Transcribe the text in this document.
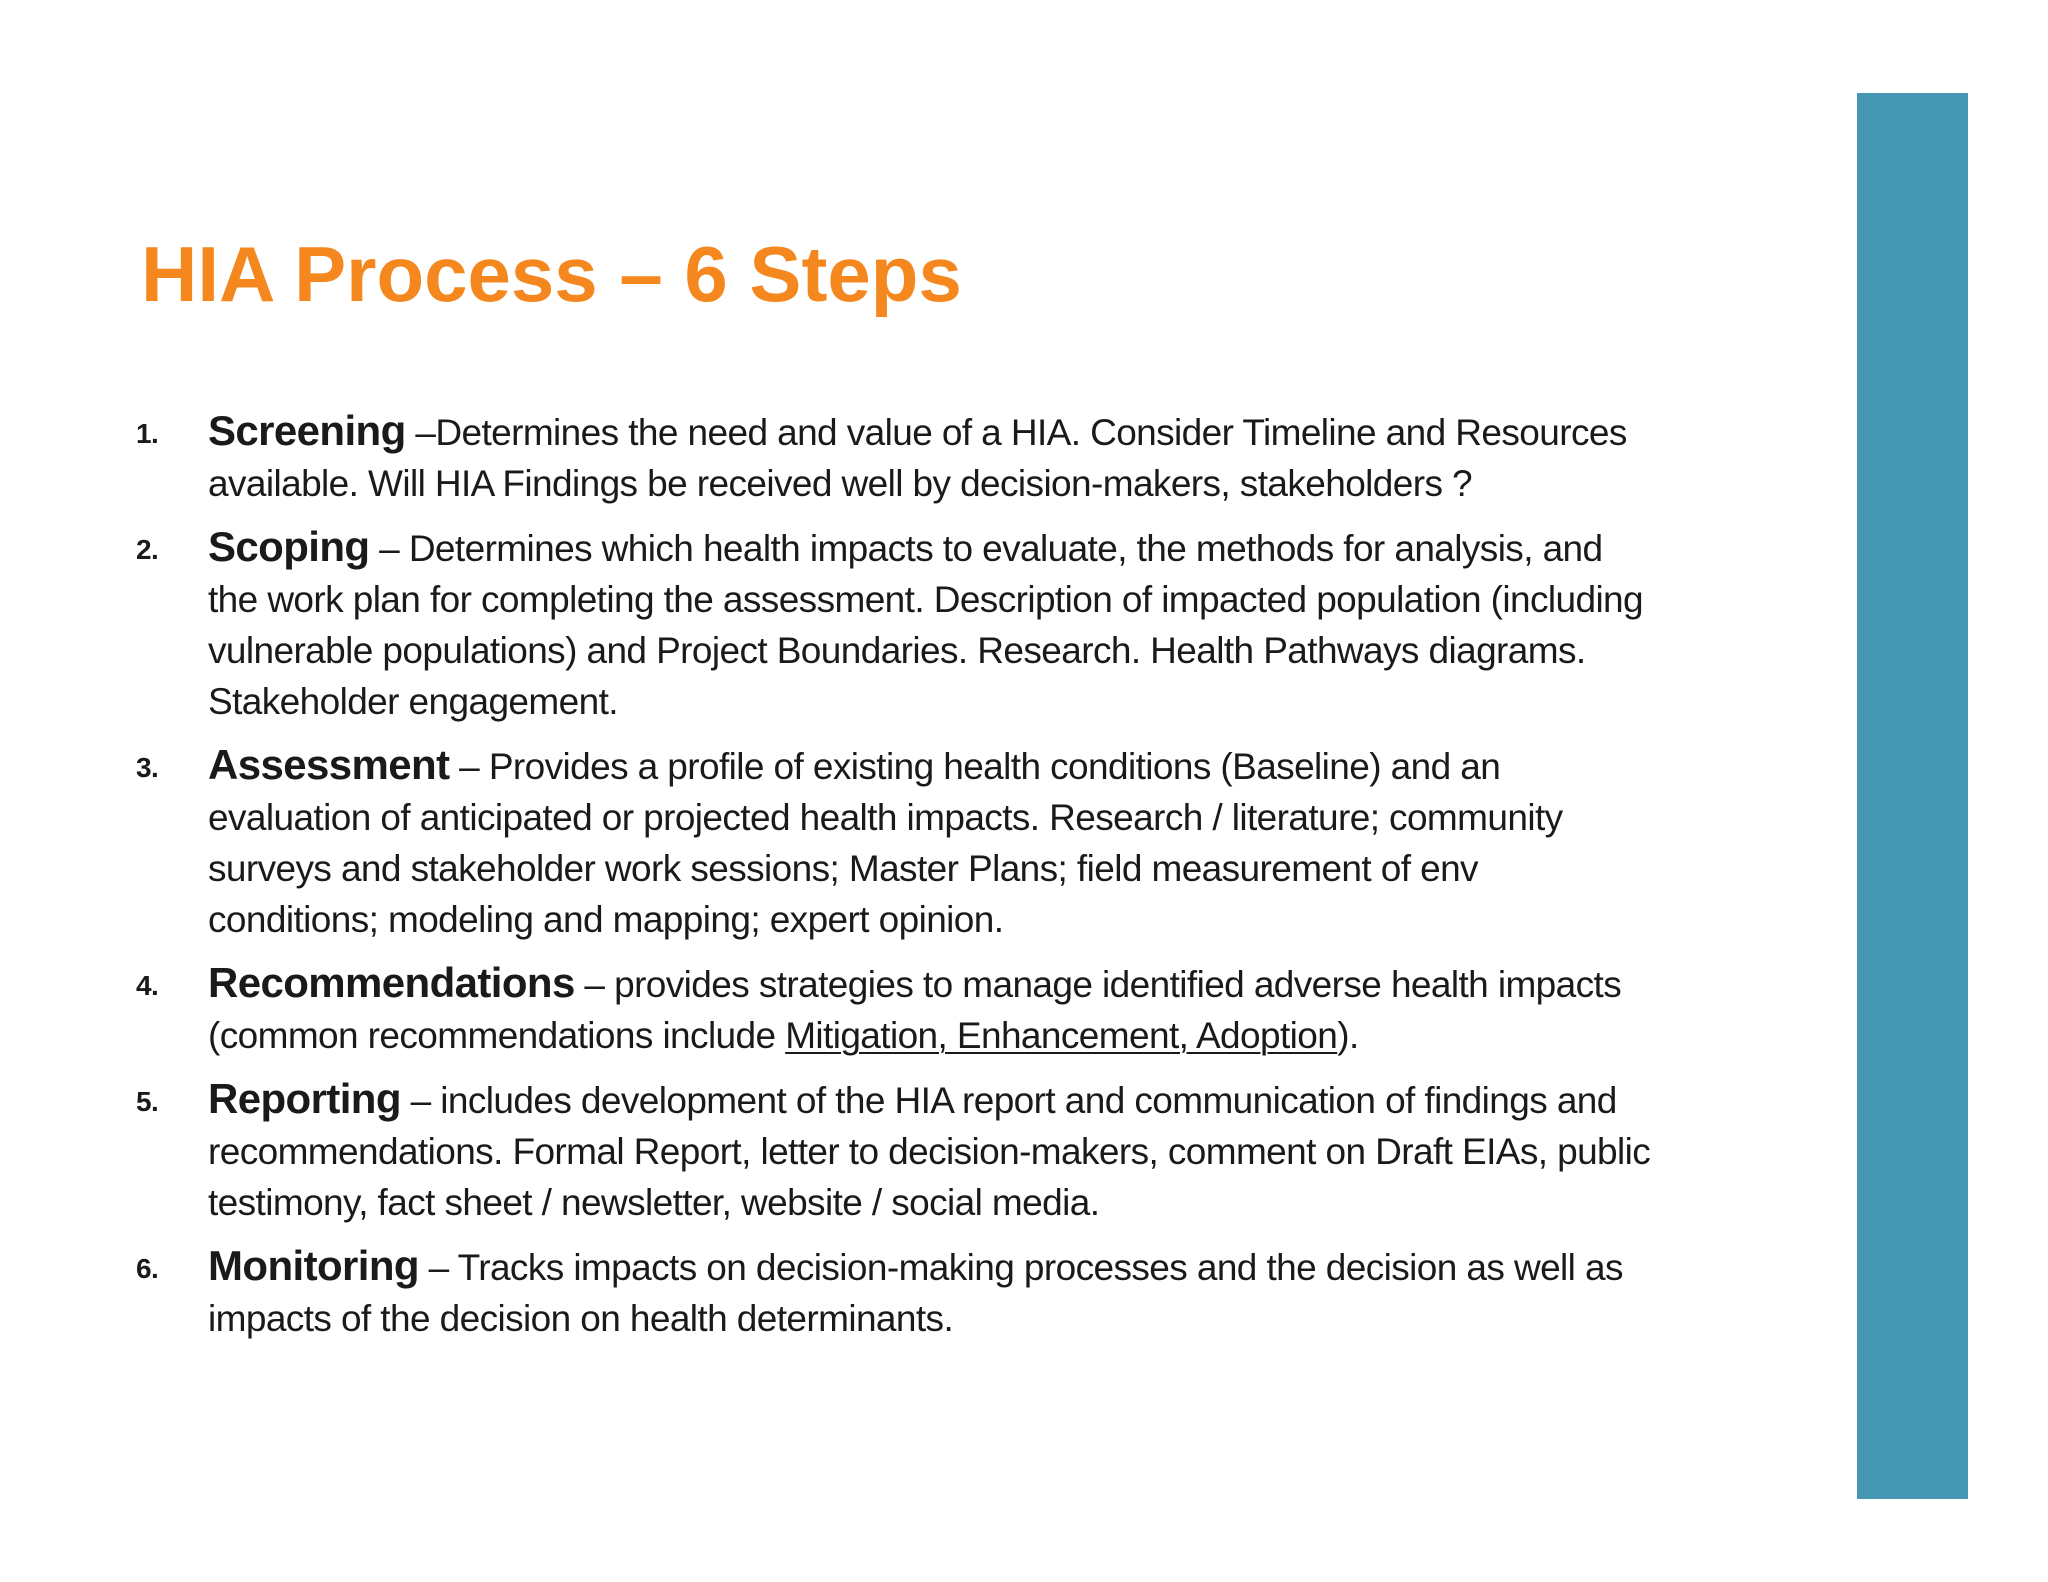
HIA Process – 6 Steps
1. Screening –Determines the need and value of a HIA. Consider Timeline and Resources available. Will HIA Findings be received well by decision-makers, stakeholders ?
2. Scoping – Determines which health impacts to evaluate, the methods for analysis, and the work plan for completing the assessment. Description of impacted population (including vulnerable populations) and Project Boundaries. Research. Health Pathways diagrams. Stakeholder engagement.
3. Assessment – Provides a profile of existing health conditions (Baseline) and an evaluation of anticipated or projected health impacts. Research / literature; community surveys and stakeholder work sessions; Master Plans; field measurement of env conditions; modeling and mapping; expert opinion.
4. Recommendations – provides strategies to manage identified adverse health impacts (common recommendations include Mitigation, Enhancement, Adoption).
5. Reporting – includes development of the HIA report and communication of findings and recommendations. Formal Report, letter to decision-makers, comment on Draft EIAs, public testimony, fact sheet / newsletter, website / social media.
6. Monitoring – Tracks impacts on decision-making processes and the decision as well as impacts of the decision on health determinants.
